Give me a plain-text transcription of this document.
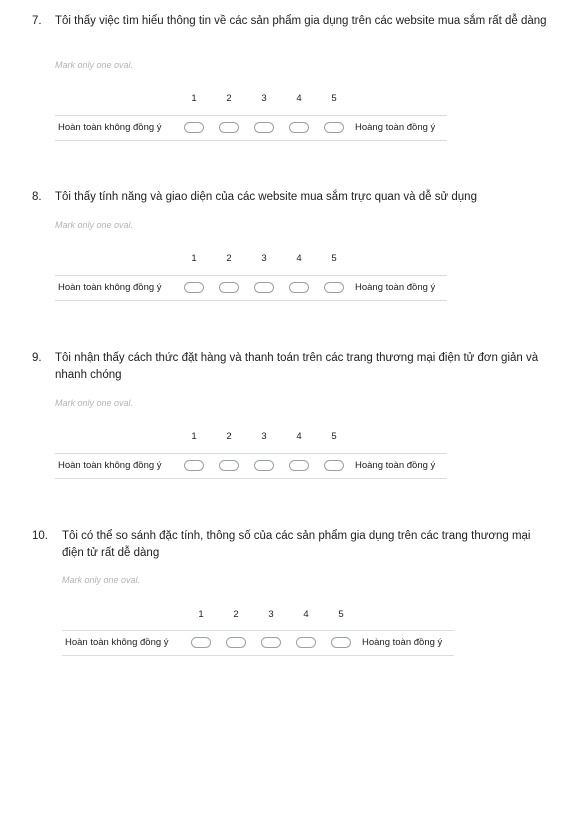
7.	Tôi thấy việc tìm hiểu thông tin về các sản phẩm gia dụng trên các website mua sắm rất dễ dàng
Mark only one oval.
1	2	3	4	5
Hoàn toàn không đồng ý	Hoàng toàn đồng ý
8.	Tôi thấy tính năng và giao diện của các website mua sắm trực quan và dễ sử dụng
Mark only one oval.
1	2	3	4	5
Hoàn toàn không đồng ý	Hoàng toàn đồng ý
9.	Tôi nhận thấy cách thức đặt hàng và thanh toán trên các trang thương mại điện tử đơn giản và nhanh chóng
Mark only one oval.
1	2	3	4	5
Hoàn toàn không đồng ý	Hoàng toàn đồng ý
10.	Tôi có thể so sánh đặc tính, thông số của các sản phẩm gia dụng trên các trang thương mại điện tử rất dễ dàng
Mark only one oval.
1	2	3	4	5
Hoàn toàn không đồng ý	Hoàng toàn đồng ý
